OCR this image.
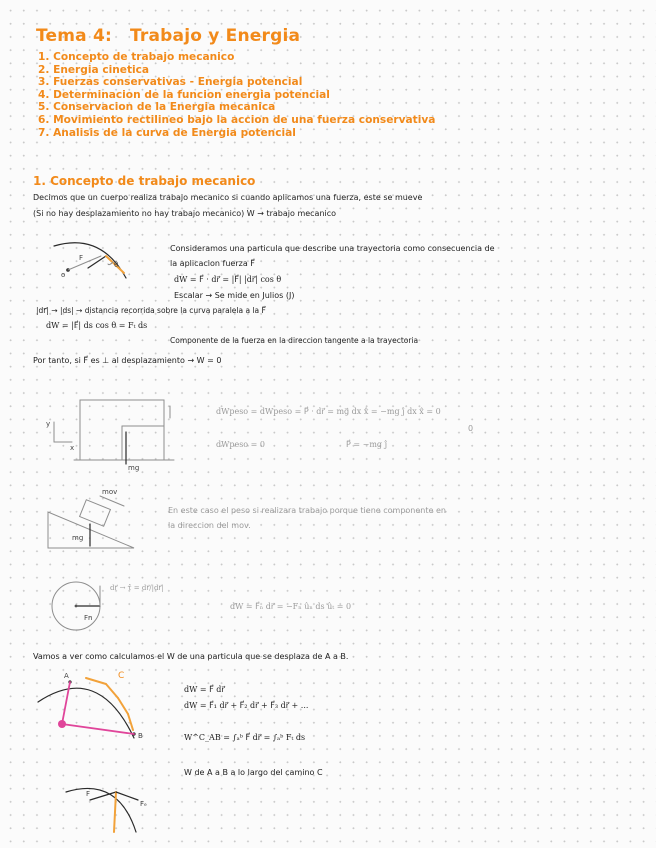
Tema 4: Trabajo y Energia
1. Concepto de trabajo mecanico
2. Energia cinetica
3. Fuerzas conservativas - Energia potencial
4. Determinacion de la funcion energia potencial
5. Conservacion de la Energia mecanica
6. Movimiento rectilineo bajo la accion de una fuerza conservativa
7. Analisis de la curva de Energia potencial
1. Concepto de trabajo mecanico
Decimos que un cuerpo realiza trabajo mecanico si cuando aplicamos una fuerza, este se mueve
(Si no hay desplazamiento no hay trabajo mecanico) W → trabajo mecanico
F
o
θ
Consideramos una particula que describe una trayectoria como consecuencia de
la aplicacion fuerza F⃗
dW = F⃗ · dr⃗ = |F⃗| |dr⃗| cos θ
Escalar → Se mide en Julios (J)
|dr⃗| → |ds| → distancia recorrida sobre la curva paralela a la F⃗
dW = |F⃗| ds cos θ = Fₜ ds
Componente de la fuerza en la direccion tangente a la trayectoria
Por tanto, si F⃗ es ⊥ al desplazamiento → W = 0
mg
y
x
dWpeso = dWpeso = P⃗ · dr⃗ = mg⃗ dx x̂ = −mg ĵ dx x̂ = 0
0
dWpeso = 0	P⃗ = −mg ĵ
mg
mov
En este caso el peso si realizara trabajo porque tiene componente en
la direccion del mov.
Fn
dr⃗ → τ̂ = dr⃗/|dr⃗|
dW = F⃗ₙ dr⃗ = −Fₙ ûₙ ds ûₜ = 0
Vamos a ver como calculamos el W de una particula que se desplaza de A a B.
A
B
C
dW = F⃗ dr⃗
dW = F⃗₁ dr⃗ + F⃗₂ dr⃗ + F⃗₃ dr⃗ + ...
W^C_AB = ∫ₐᵇ F⃗ dr⃗ = ∫ₐᵇ Fₜ ds
W de A a B a lo largo del camino C
F
Fₑ
